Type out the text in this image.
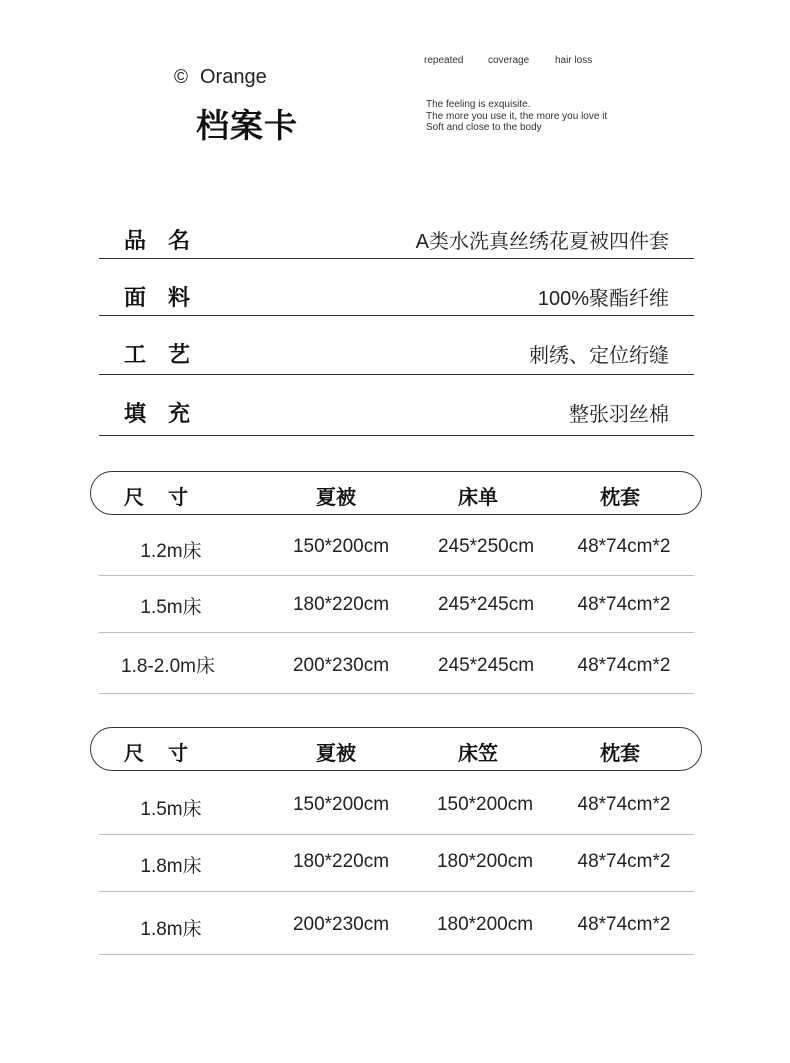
© Orange
档案卡
repeated	coverage	hair loss
The feeling is exquisite.
The more you use it, the more you love it
Soft and close to the body
品名	A类水洗真丝绣花夏被四件套
面料	100%聚酯纤维
工艺	刺绣、定位绗缝
填充	整张羽丝棉
尺寸	夏被	床单	枕套
1.2m床	150*200cm	245*250cm	48*74cm*2
1.5m床	180*220cm	245*245cm	48*74cm*2
1.8-2.0m床	200*230cm	245*245cm	48*74cm*2
尺寸	夏被	床笠	枕套
1.5m床	150*200cm	150*200cm	48*74cm*2
1.8m床	180*220cm	180*200cm	48*74cm*2
1.8m床	200*230cm	180*200cm	48*74cm*2
